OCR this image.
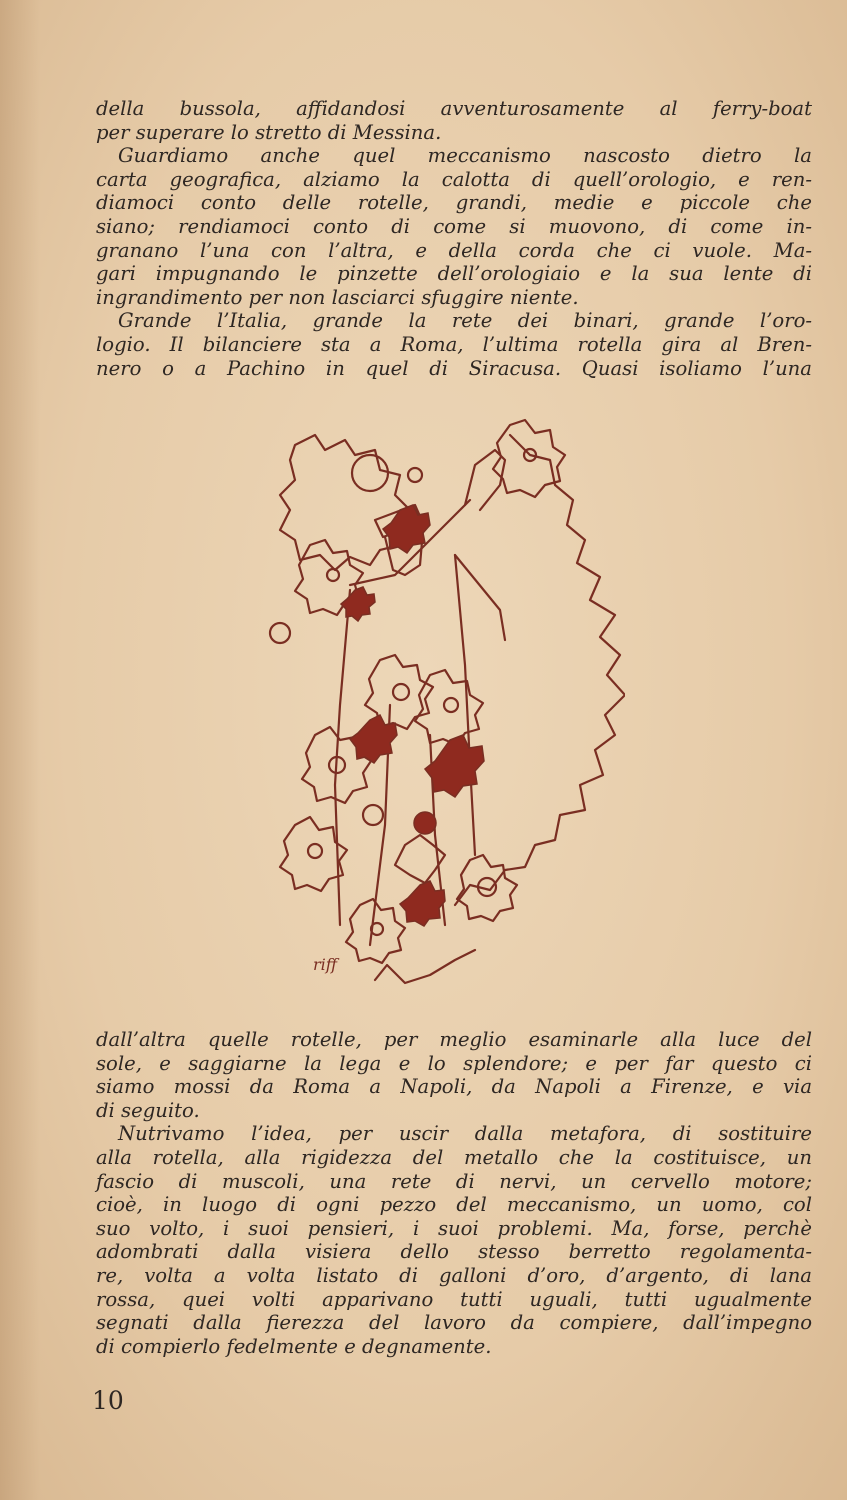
della bussola, affidandosi avventurosamente al ferry-boat
per superare lo stretto di Messina.
Guardiamo anche quel meccanismo nascosto dietro la
carta geografica, alziamo la calotta di quell’orologio, e ren-
diamoci conto delle rotelle, grandi, medie e piccole che
siano; rendiamoci conto di come si muovono, di come in-
granano l’una con l’altra, e della corda che ci vuole. Ma-
gari impugnando le pinzette dell’orologiaio e la sua lente di
ingrandimento per non lasciarci sfuggire niente.
Grande l’Italia, grande la rete dei binari, grande l’oro-
logio. Il bilanciere sta a Roma, l’ultima rotella gira al Bren-
nero o a Pachino in quel di Siracusa. Quasi isoliamo l’una
riff
dall’altra quelle rotelle, per meglio esaminarle alla luce del
sole, e saggiarne la lega e lo splendore; e per far questo ci
siamo mossi da Roma a Napoli, da Napoli a Firenze, e via
di seguito.
Nutrivamo l’idea, per uscir dalla metafora, di sostituire
alla rotella, alla rigidezza del metallo che la costituisce, un
fascio di muscoli, una rete di nervi, un cervello motore;
cioè, in luogo di ogni pezzo del meccanismo, un uomo, col
suo volto, i suoi pensieri, i suoi problemi. Ma, forse, perchè
adombrati dalla visiera dello stesso berretto regolamenta-
re, volta a volta listato di galloni d’oro, d’argento, di lana
rossa, quei volti apparivano tutti uguali, tutti ugualmente
segnati dalla fierezza del lavoro da compiere, dall’impegno
di compierlo fedelmente e degnamente.
10
